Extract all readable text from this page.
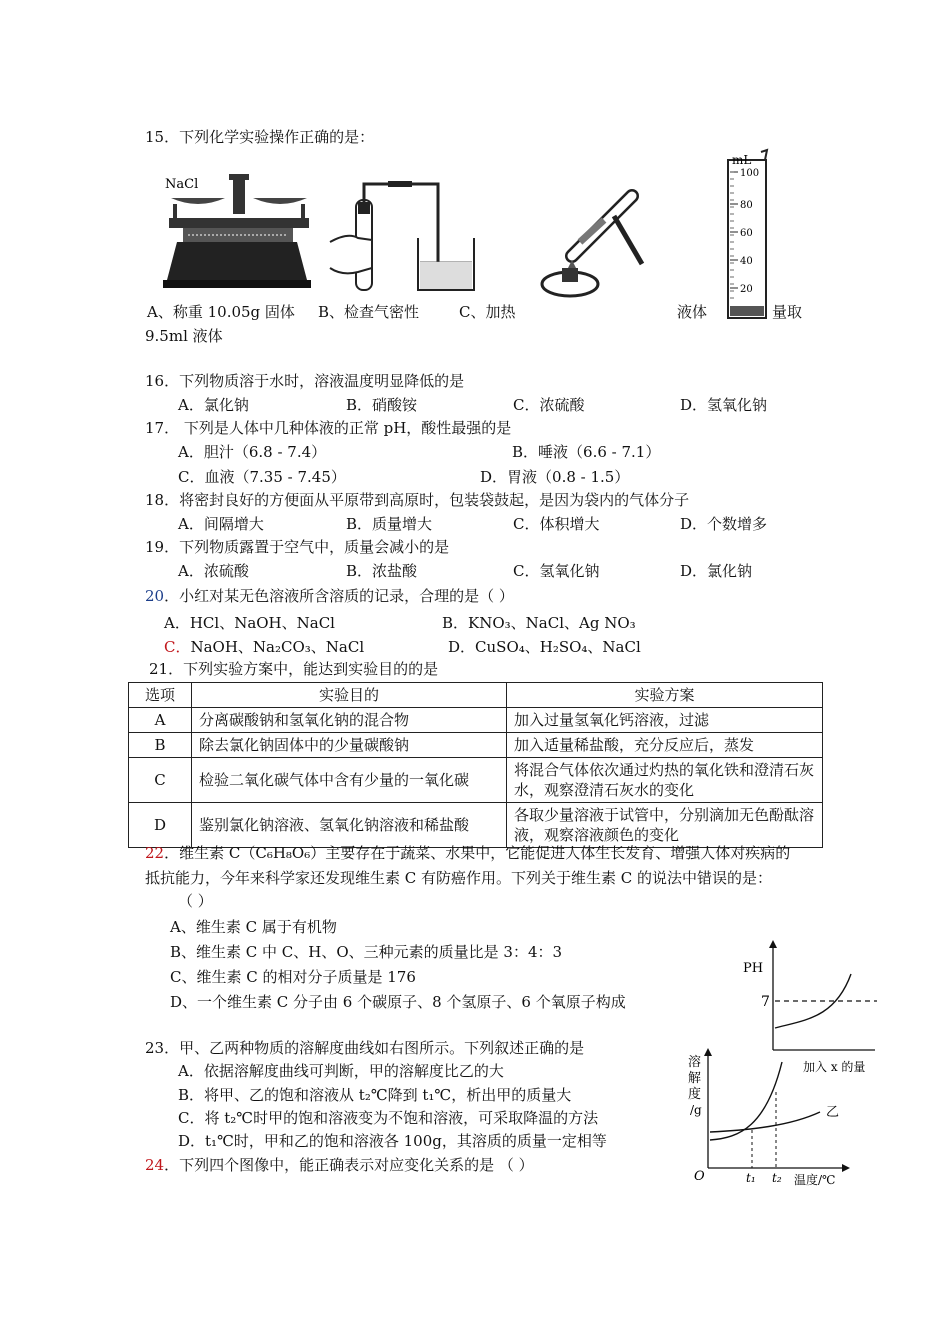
15．下列化学实验操作正确的是：
NaCl
mL
100
80
60
40
20
A、称重 10.05g 固体 B、检查气密性	C、加热	液体	量取
9.5ml 液体
16．下列物质溶于水时，溶液温度明显降低的是
A．氯化钠	B．硝酸铵	C．浓硫酸	D．氢氧化钠
17． 下列是人体中几种体液的正常 pH，酸性最强的是
A．胆汁（6.8 - 7.4）	B．唾液（6.6 - 7.1）
C．血液（7.35 - 7.45）	D．胃液（0.8 - 1.5）
18．将密封良好的方便面从平原带到高原时，包装袋鼓起，是因为袋内的气体分子
A．间隔增大	B．质量增大	C．体积增大	D．个数增多
19．下列物质露置于空气中，质量会减小的是
A．浓硫酸	B．浓盐酸	C．氢氧化钠	D．氯化钠
20．小红对某无色溶液所含溶质的记录，合理的是（ ）
A．HCl、NaOH、NaCl	B．KNO₃、NaCl、Ag NO₃
C．NaOH、Na₂CO₃、NaCl	D．CuSO₄、H₂SO₄、NaCl
21．下列实验方案中，能达到实验目的的是
选项	实验目的	实验方案
A	分离碳酸钠和氢氧化钠的混合物	加入过量氢氧化钙溶液，过滤
B	除去氯化钠固体中的少量碳酸钠	加入适量稀盐酸，充分反应后，蒸发
C	检验二氧化碳气体中含有少量的一氧化碳	将混合气体依次通过灼热的氧化铁和澄清石灰水，观察澄清石灰水的变化
D	鉴别氯化钠溶液、氢氧化钠溶液和稀盐酸	各取少量溶液于试管中，分别滴加无色酚酞溶液，观察溶液颜色的变化
22．维生素 C（C₆H₈O₆）主要存在于蔬菜、水果中，它能促进人体生长发育、增强人体对疾病的
抵抗能力，今年来科学家还发现维生素 C 有防癌作用。下列关于维生素 C 的说法中错误的是：
（ ）
A、维生素 C 属于有机物
B、维生素 C 中 C、H、O、三种元素的质量比是 3：4：3
C、维生素 C 的相对分子质量是 176
D、一个维生素 C 分子由 6 个碳原子、8 个氢原子、6 个氧原子构成
PH
7
加入 x 的量
23．甲、乙两种物质的溶解度曲线如右图所示。下列叙述正确的是
A．依据溶解度曲线可判断，甲的溶解度比乙的大
B．将甲、乙的饱和溶液从 t₂℃降到 t₁℃，析出甲的质量大
C．将 t₂℃时甲的饱和溶液变为不饱和溶液，可采取降温的方法
D．t₁℃时，甲和乙的饱和溶液各 100g，其溶质的质量一定相等
溶
解
度
/g	乙
O	t₁ t₂ 温度/℃
24．下列四个图像中，能正确表示对应变化关系的是 （ ）
